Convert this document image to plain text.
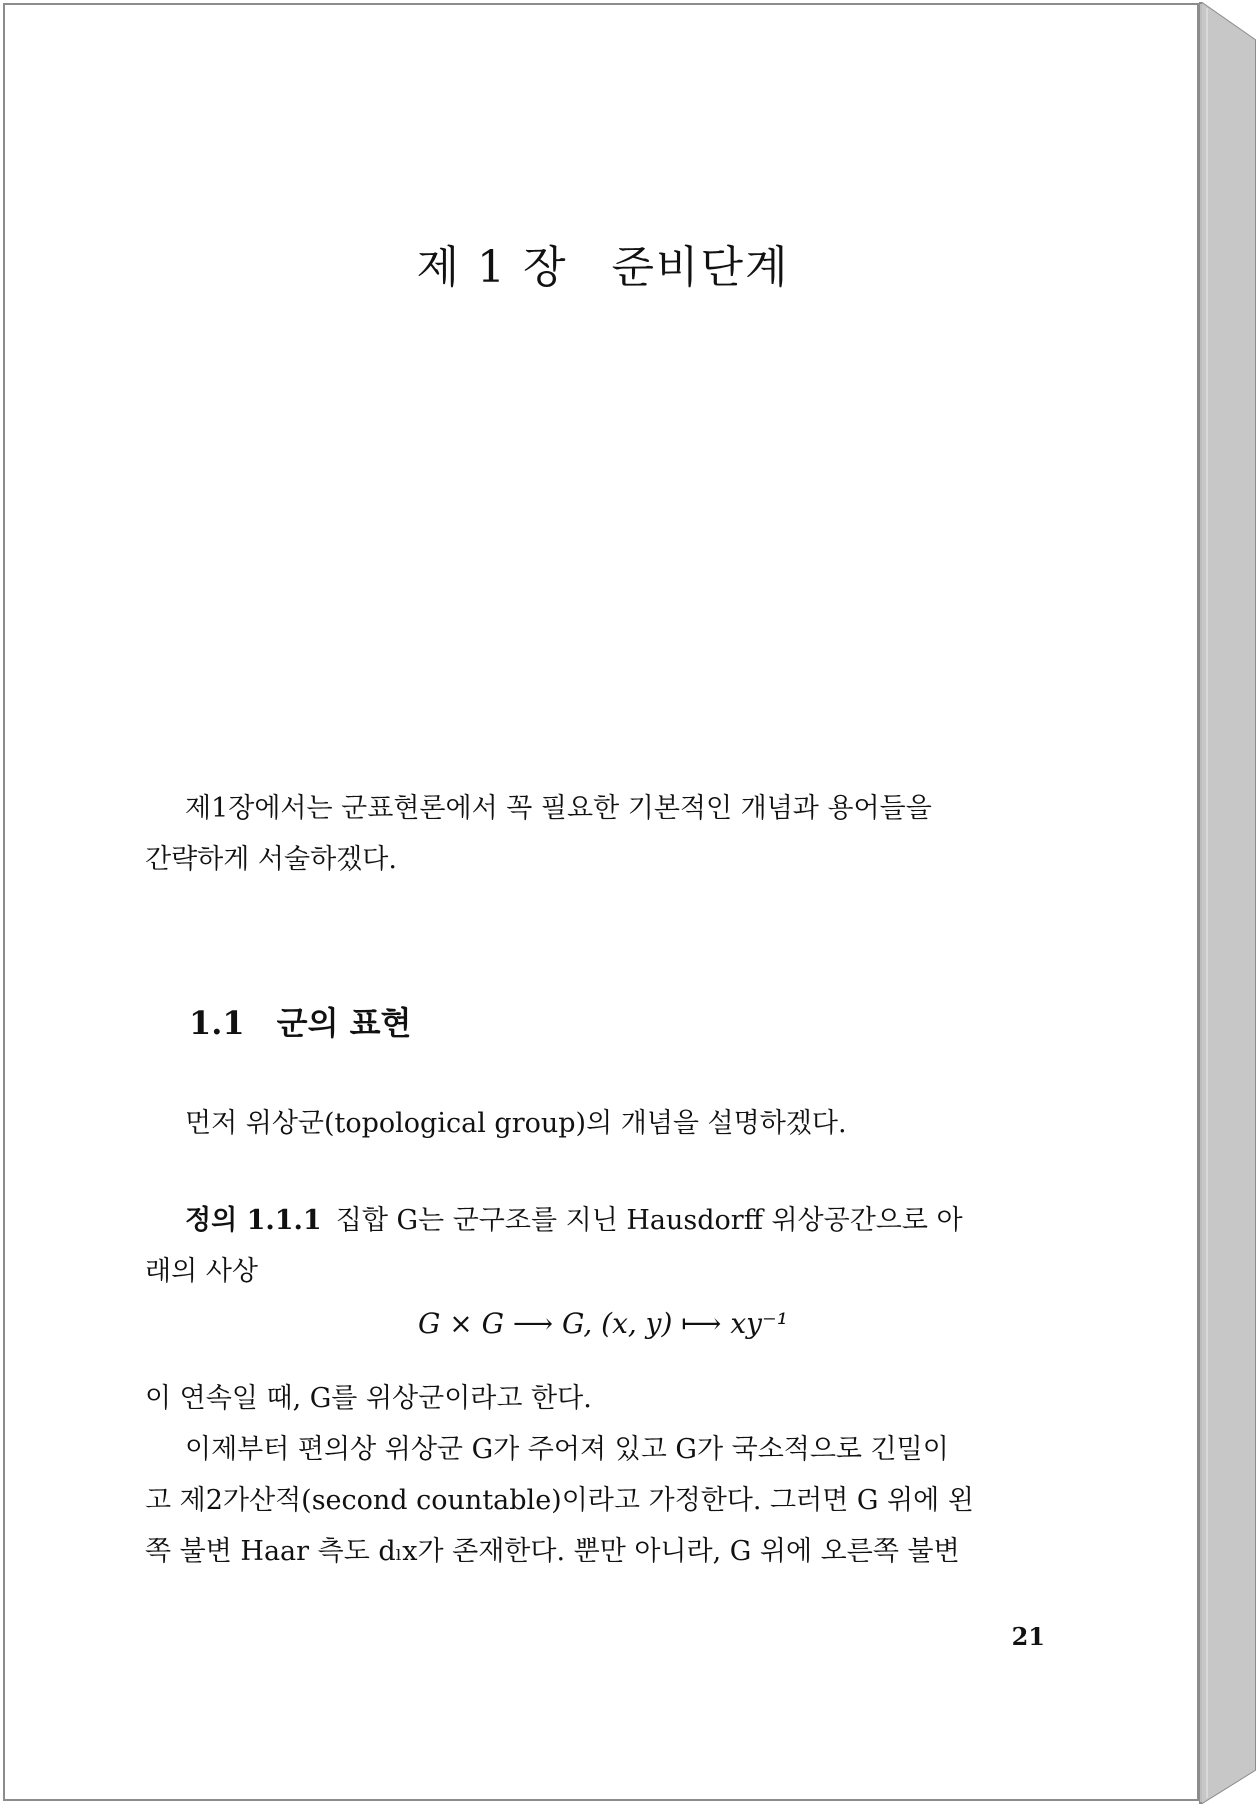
제 1 장 준비단계
제1장에서는 군표현론에서 꼭 필요한 기본적인 개념과 용어들을
간략하게 서술하겠다.
1.1 군의 표현
먼저 위상군(topological group)의 개념을 설명하겠다.
정의 1.1.1 집합 G는 군구조를 지닌 Hausdorff 위상공간으로 아
래의 사상
G × G ⟶ G, (x, y) ⟼ xy⁻¹
이 연속일 때, G를 위상군이라고 한다.
이제부터 편의상 위상군 G가 주어져 있고 G가 국소적으로 긴밀이
고 제2가산적(second countable)이라고 가정한다. 그러면 G 위에 왼
쪽 불변 Haar 측도 dₗx가 존재한다. 뿐만 아니라, G 위에 오른쪽 불변
21
